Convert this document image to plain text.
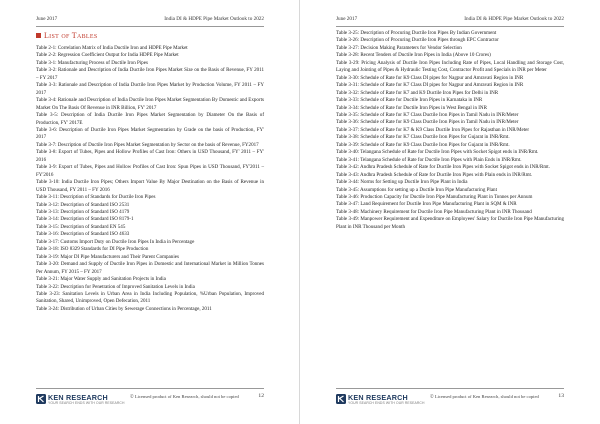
June 2017	India DI & HDPE Pipe Market Outlook to 2022
List of Tables
Table 2-1: Correlation Matrix of India Ductile Iron and HDPE Pipe Market
Table 2-2: Regression Coefficient Output for India HDPE Pipe Market
Table 3-1: Manufacturing Process of Ductile Iron Pipes
Table 3-2: Rationale and Description of India Ductile Iron Pipes Market Size on the Basis of Revenue, FY 2011 – FY 2017
Table 3-3: Rationale and Description of India Ductile Iron Pipes Market by Production Volume, FY 2011 – FY 2017
Table 3-4: Rationale and Description of India Ductile Iron Pipes Market Segmentation By Domestic and Exports Market On The Basis Of Revenue in INR Billion, FY' 2017
Table 3-5: Description of India Ductile Iron Pipes Market Segmentation by Diameter On the Basis of Production, FY' 2017E
Table 3-6: Description of Ductile Iron Pipes Market Segmentation by Grade on the basis of Production, FY' 2017
Table 3-7: Description of Ductile Iron Pipes Market Segmentation by Sector on the basis of Revenue, FY2017
Table 3-8: Export of Tubes, Pipes and Hollow Profiles of Cast Iron: Others in USD Thousand, FY' 2011 – FY' 2016
Table 3-9: Export of Tubes, Pipes and Hollow Profiles of Cast Iron: Spun Pipes in USD Thousand, FY'2011 – FY'2016
Table 3-10: India Ductile Iron Pipes; Others Import Value By Major Destination on the Basis of Revenue in USD Thousand, FY 2011 – FY 2016
Table 3-11: Description of Standards for Ductile Iron Pipes
Table 3-12: Description of Standard ISO 2531
Table 3-13: Description of Standard ISO 4179
Table 3-14: Description of Standard ISO 8179-1
Table 3-15: Description of Standard EN 545
Table 3-16: Description of Standard ISO 4633
Table 3-17: Customs Import Duty on Ductile Iron Pipes In India in Percentage
Table 3-18: ISO 8329 Standards for DI Pipe Production
Table 3-19: Major DI Pipe Manufacturers and Their Parent Companies
Table 3-20: Demand and Supply of Ductile Iron Pipes in Domestic and International Market in Million Tonnes Per Annum, FY 2015 – FY 2017
Table 3-21: Major Water Supply and Sanitation Projects in India
Table 3-22: Description for Penetration of Improved Sanitation Levels in India
Table 3-23: Sanitation Levels in Urban Area in India Including Population, %Urban Population, Improved Sanitation, Shared, Unimproved, Open Defecation, 2011
Table 3-24: Distribution of Urban Cities by Sewerage Connections in Percentage, 2011
KEN RESEARCH
YOUR SEARCH ENDS WITH OUR RESEARCH
© Licensed product of Ken Research, should not be copied	12
June 2017	India DI & HDPE Pipe Market Outlook to 2022
Table 3-25: Description of Procuring Ductile Iron Pipes By Indian Government
Table 3-26: Description of Procuring Ductile Iron Pipes through EPC Contractor
Table 3-27: Decision Making Parameters for Vendor Selection
Table 3-28: Recent Tenders of Ductile Iron Pipes in India (Above 10 Crores)
Table 3-29: Pricing Analysis of Ductile Iron Pipes Including Rate of Pipes, Local Handling and Storage Cost, Laying and Jointing of Pipes & Hydraulic Testing Cost, Contractor Profit and Specials in INR per Meter
Table 3-30: Schedule of Rate for K9 Class DI pipes for Nagpur and Amravati Region in INR
Table 3-31: Schedule of Rate for K7 Class DI pipes for Nagpur and Amravati Region in INR
Table 3-32: Schedule of Rate for K7 and K9 Ductile Iron Pipes for Delhi in INR
Table 3-33: Schedule of Rate for Ductile Iron Pipes in Karnataka in INR
Table 3-34: Schedule of Rate for Ductile Iron Pipes in West Bengal in INR
Table 3-35: Schedule of Rate for K7 Class Ductile Iron Pipes in Tamil Nadu in INR/Meter
Table 3-36: Schedule of Rate for K9 Class Ductile Iron Pipes in Tamil Nadu in INR/Meter
Table 3-37: Schedule of Rate for K7 & K9 Class Ductile Iron Pipes for Rajasthan in INR/Meter
Table 3-38: Schedule of Rate for K7 Class Ductile Iron Pipes for Gujarat in INR/Rmt.
Table 3-39: Schedule of Rate for K9 Class Ductile Iron Pipes for Gujarat in INR/Rmt.
Table 3-40: Telangana Schedule of Rate for Ductile Iron Pipes with Socket Spigot ends in INR/Rmt.
Table 3-41: Telangana Schedule of Rate for Ductile Iron Pipes with Plain Ends in INR/Rmt.
Table 3-42: Andhra Pradesh Schedule of Rate for Ductile Iron Pipes with Socket Spigot ends in INR/Rmt.
Table 3-43: Andhra Pradesh Schedule of Rate for Ductile Iron Pipes with Plain ends in INR/Rmt.
Table 3-44: Norms for Setting up Ductile Iron Pipe Plant in India
Table 3-45: Assumptions for setting up a Ductile Iron Pipe Manufacturing Plant
Table 3-46: Production Capacity for Ductile Iron Pipe Manufacturing Plant in Tonnes per Annum
Table 3-47: Land Requirement for Ductile Iron Pipe Manufacturing Plant in SQM & INR
Table 3-48: Machinery Requirement for Ductile Iron Pipe Manufacturing Plant in INR Thousand
Table 3-49: Manpower Requirement and Expenditure on Employees' Salary for Ductile Iron Pipe Manufacturing Plant in INR Thousand per Month
KEN RESEARCH
YOUR SEARCH ENDS WITH OUR RESEARCH
© Licensed product of Ken Research, should not be copied	13
